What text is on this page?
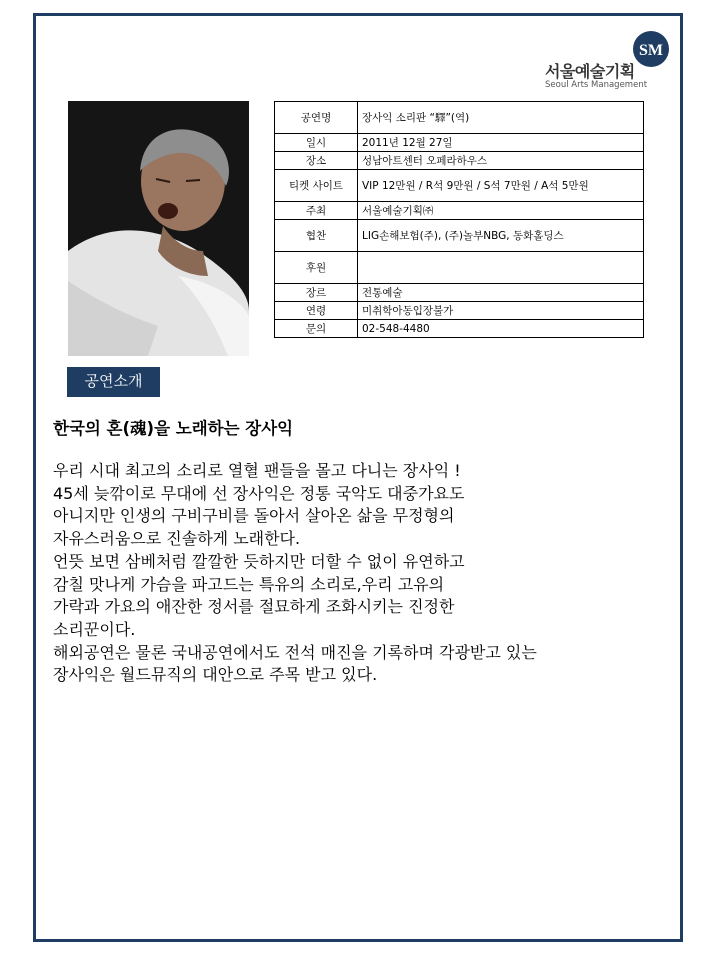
SM
서울예술기획
Seoul Arts Management
공연명	장사익 소리판 “驛”(역)
일시	2011년 12월 27일
장소	성남아트센터 오페라하우스
티켓 사이트	VIP 12만원 / R석 9만원 / S석 7만원 / A석 5만원
주최	서울예술기획㈜
협찬	LIG손해보험(주), (주)놀부NBG, 동화홀딩스
후원	
장르	전통예술
연령	미취학아동입장불가
문의	02-548-4480
공연소개
한국의 혼(魂)을 노래하는 장사익
우리 시대 최고의 소리로 열혈 팬들을 몰고 다니는 장사익 !
45세 늦깎이로 무대에 선 장사익은 정통 국악도 대중가요도
아니지만 인생의 구비구비를 돌아서 살아온 삶을 무정형의
자유스러움으로 진솔하게 노래한다.
언뜻 보면 삼베처럼 깔깔한 듯하지만 더할 수 없이 유연하고
감칠 맛나게 가슴을 파고드는 특유의 소리로,우리 고유의
가락과 가요의 애잔한 정서를 절묘하게 조화시키는 진정한
소리꾼이다.
해외공연은 물론 국내공연에서도 전석 매진을 기록하며 각광받고 있는
장사익은 월드뮤직의 대안으로 주목 받고 있다.
